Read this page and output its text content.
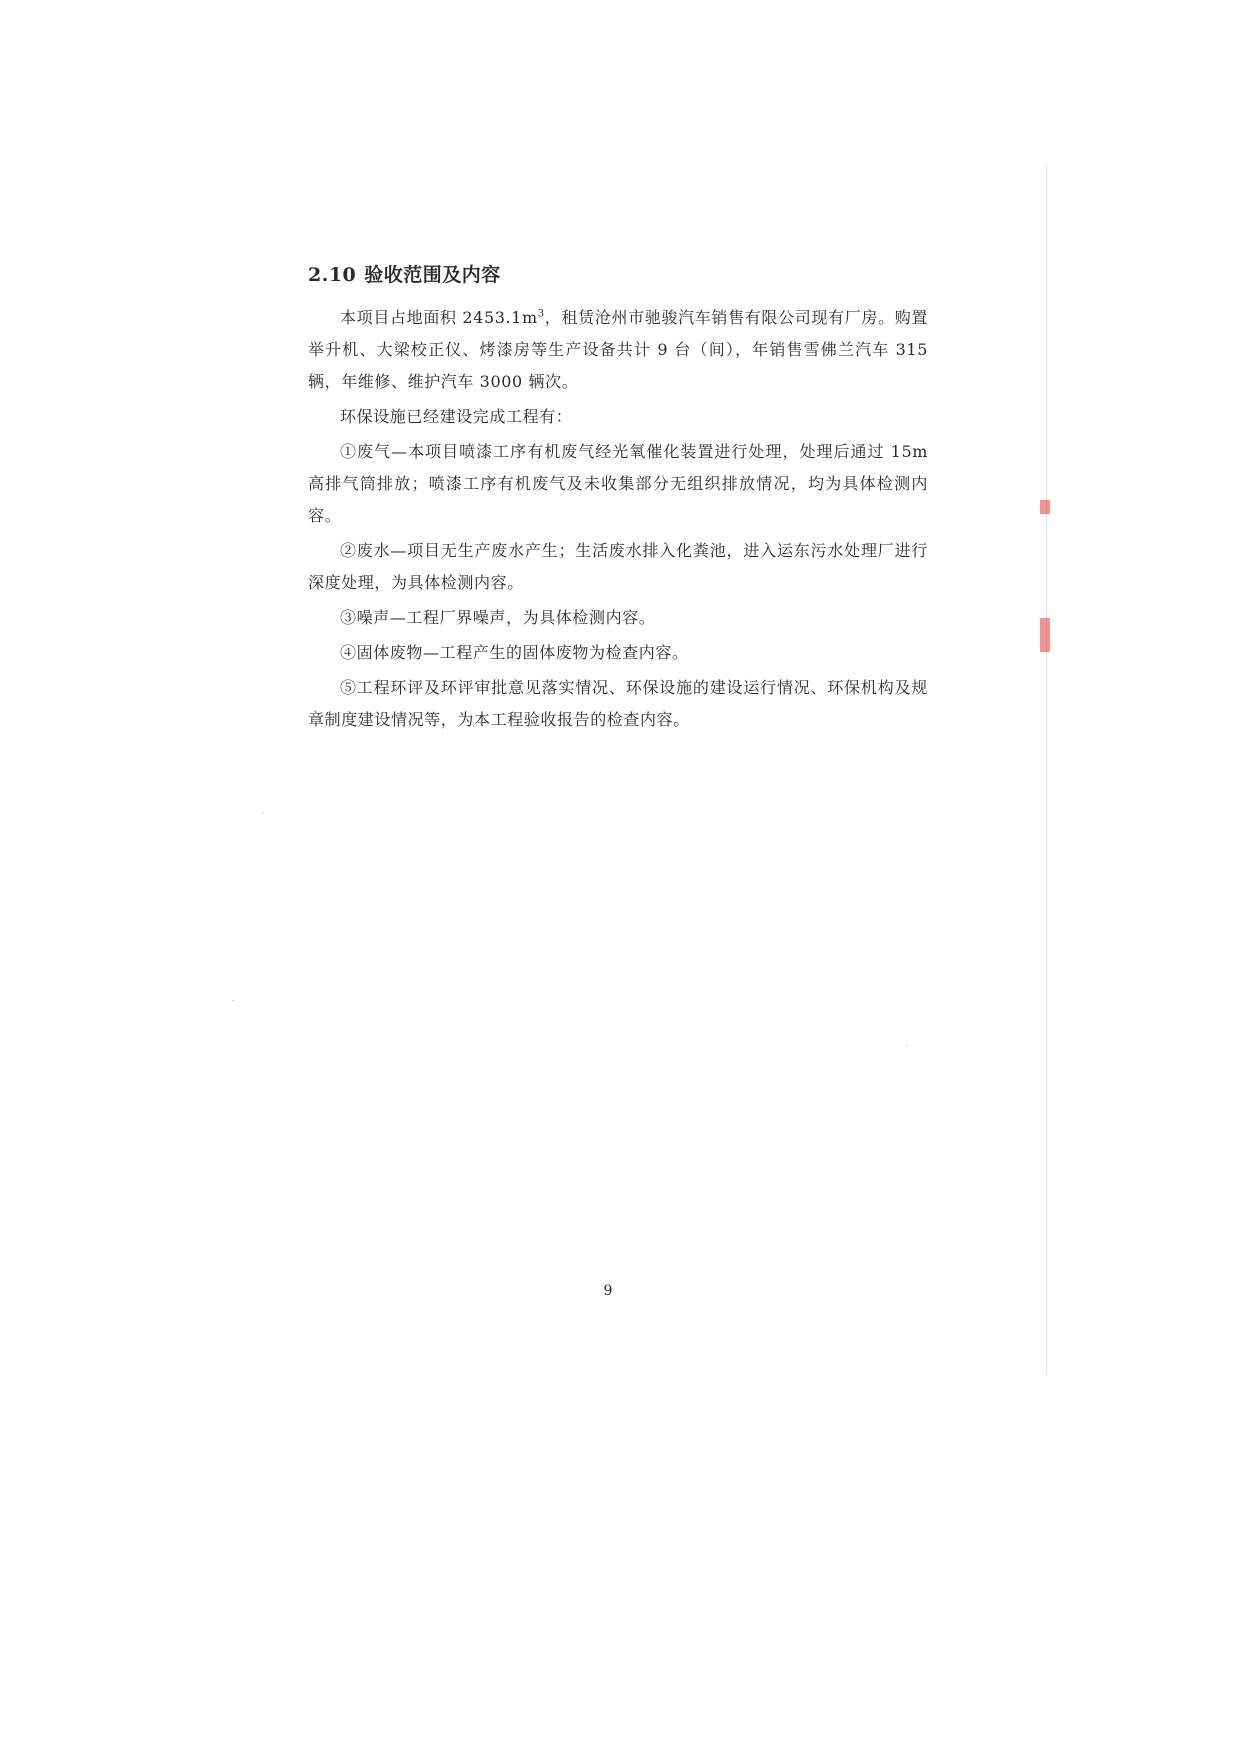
2.10 验收范围及内容

本项目占地面积 $2453.1m^3$，租赁沧州市驰骏汽车销售有限公司现有厂房。购置举升机、大梁校正仪、烤漆房等生产设备共计 9 台（间），年销售雪佛兰汽车 315 辆，年维修、维护汽车 3000 辆次。

环保设施已经建设完成工程有：

①废气—本项目喷漆工序有机废气经光氧催化装置进行处理，处理后通过 15m 高排气筒排放；喷漆工序有机废气及未收集部分无组织排放情况，均为具体检测内容。

②废水—项目无生产废水产生；生活废水排入化粪池，进入运东污水处理厂进行深度处理，为具体检测内容。

③噪声—工程厂界噪声，为具体检测内容。

④固体废物—工程产生的固体废物为检查内容。

⑤工程环评及环评审批意见落实情况、环保设施的建设运行情况、环保机构及规章制度建设情况等，为本工程验收报告的检查内容。

9
